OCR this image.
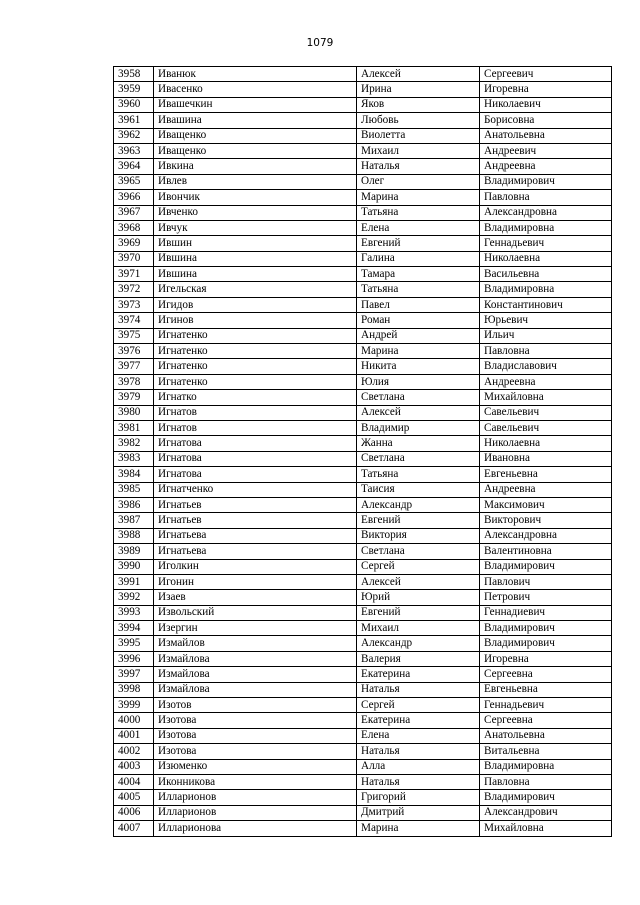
1079
3958	Иванюк	Алексей	Сергеевич
3959	Ивасенко	Ирина	Игоревна
3960	Ивашечкин	Яков	Николаевич
3961	Ивашина	Любовь	Борисовна
3962	Иващенко	Виолетта	Анатольевна
3963	Иващенко	Михаил	Андреевич
3964	Ивкина	Наталья	Андреевна
3965	Ивлев	Олег	Владимирович
3966	Ивончик	Марина	Павловна
3967	Ивченко	Татьяна	Александровна
3968	Ивчук	Елена	Владимировна
3969	Ившин	Евгений	Геннадьевич
3970	Ившина	Галина	Николаевна
3971	Ившина	Тамара	Васильевна
3972	Игельская	Татьяна	Владимировна
3973	Игидов	Павел	Константинович
3974	Игинов	Роман	Юрьевич
3975	Игнатенко	Андрей	Ильич
3976	Игнатенко	Марина	Павловна
3977	Игнатенко	Никита	Владиславович
3978	Игнатенко	Юлия	Андреевна
3979	Игнатко	Светлана	Михайловна
3980	Игнатов	Алексей	Савельевич
3981	Игнатов	Владимир	Савельевич
3982	Игнатова	Жанна	Николаевна
3983	Игнатова	Светлана	Ивановна
3984	Игнатова	Татьяна	Евгеньевна
3985	Игнатченко	Таисия	Андреевна
3986	Игнатьев	Александр	Максимович
3987	Игнатьев	Евгений	Викторович
3988	Игнатьева	Виктория	Александровна
3989	Игнатьева	Светлана	Валентиновна
3990	Иголкин	Сергей	Владимирович
3991	Игонин	Алексей	Павлович
3992	Изаев	Юрий	Петрович
3993	Извольский	Евгений	Геннадиевич
3994	Изергин	Михаил	Владимирович
3995	Измайлов	Александр	Владимирович
3996	Измайлова	Валерия	Игоревна
3997	Измайлова	Екатерина	Сергеевна
3998	Измайлова	Наталья	Евгеньевна
3999	Изотов	Сергей	Геннадьевич
4000	Изотова	Екатерина	Сергеевна
4001	Изотова	Елена	Анатольевна
4002	Изотова	Наталья	Витальевна
4003	Изюменко	Алла	Владимировна
4004	Иконникова	Наталья	Павловна
4005	Илларионов	Григорий	Владимирович
4006	Илларионов	Дмитрий	Александрович
4007	Илларионова	Марина	Михайловна
